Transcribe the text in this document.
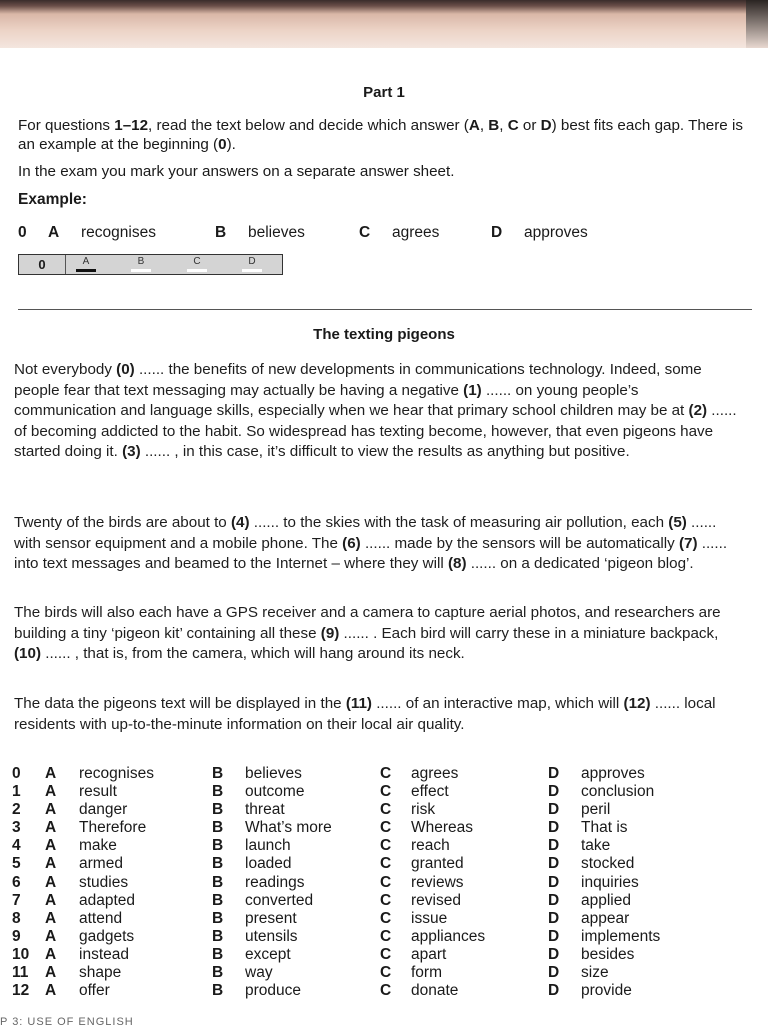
Part 1
For questions 1–12, read the text below and decide which answer (A, B, C or D) best fits each gap. There is an example at the beginning (0).
In the exam you mark your answers on a separate answer sheet.
Example:
0 A recognises	B believes	C agrees	D approves
0	A	B	C	D
The texting pigeons
Not everybody (0) ...... the benefits of new developments in communications technology. Indeed, some people fear that text messaging may actually be having a negative (1) ...... on young people’s communication and language skills, especially when we hear that primary school children may be at (2) ...... of becoming addicted to the habit. So widespread has texting become, however, that even pigeons have started doing it. (3) ...... , in this case, it’s difficult to view the results as anything but positive.
Twenty of the birds are about to (4) ...... to the skies with the task of measuring air pollution, each (5) ...... with sensor equipment and a mobile phone. The (6) ...... made by the sensors will be automatically (7) ...... into text messages and beamed to the Internet – where they will (8) ...... on a dedicated ‘pigeon blog’.
The birds will also each have a GPS receiver and a camera to capture aerial photos, and researchers are building a tiny ‘pigeon kit’ containing all these (9) ...... . Each bird will carry these in a miniature backpack, (10) ...... , that is, from the camera, which will hang around its neck.
The data the pigeons text will be displayed in the (11) ...... of an interactive map, which will (12) ...... local residents with up-to-the-minute information on their local air quality.
0 A recognises	B believes	C agrees	D approves
1 A result	B outcome	C effect	D conclusion
2 A danger	B threat	C risk	D peril
3 A Therefore	B What’s more	C Whereas	D That is
4 A make	B launch	C reach	D take
5 A armed	B loaded	C granted	D stocked
6 A studies	B readings	C reviews	D inquiries
7 A adapted	B converted	C revised	D applied
8 A attend	B present	C issue	D appear
9 A gadgets	B utensils	C appliances	D implements
10 A instead	B except	C apart	D besides
11 A shape	B way	C form	D size
12 A offer	B produce	C donate	D provide
P 3: USE OF ENGLISH
